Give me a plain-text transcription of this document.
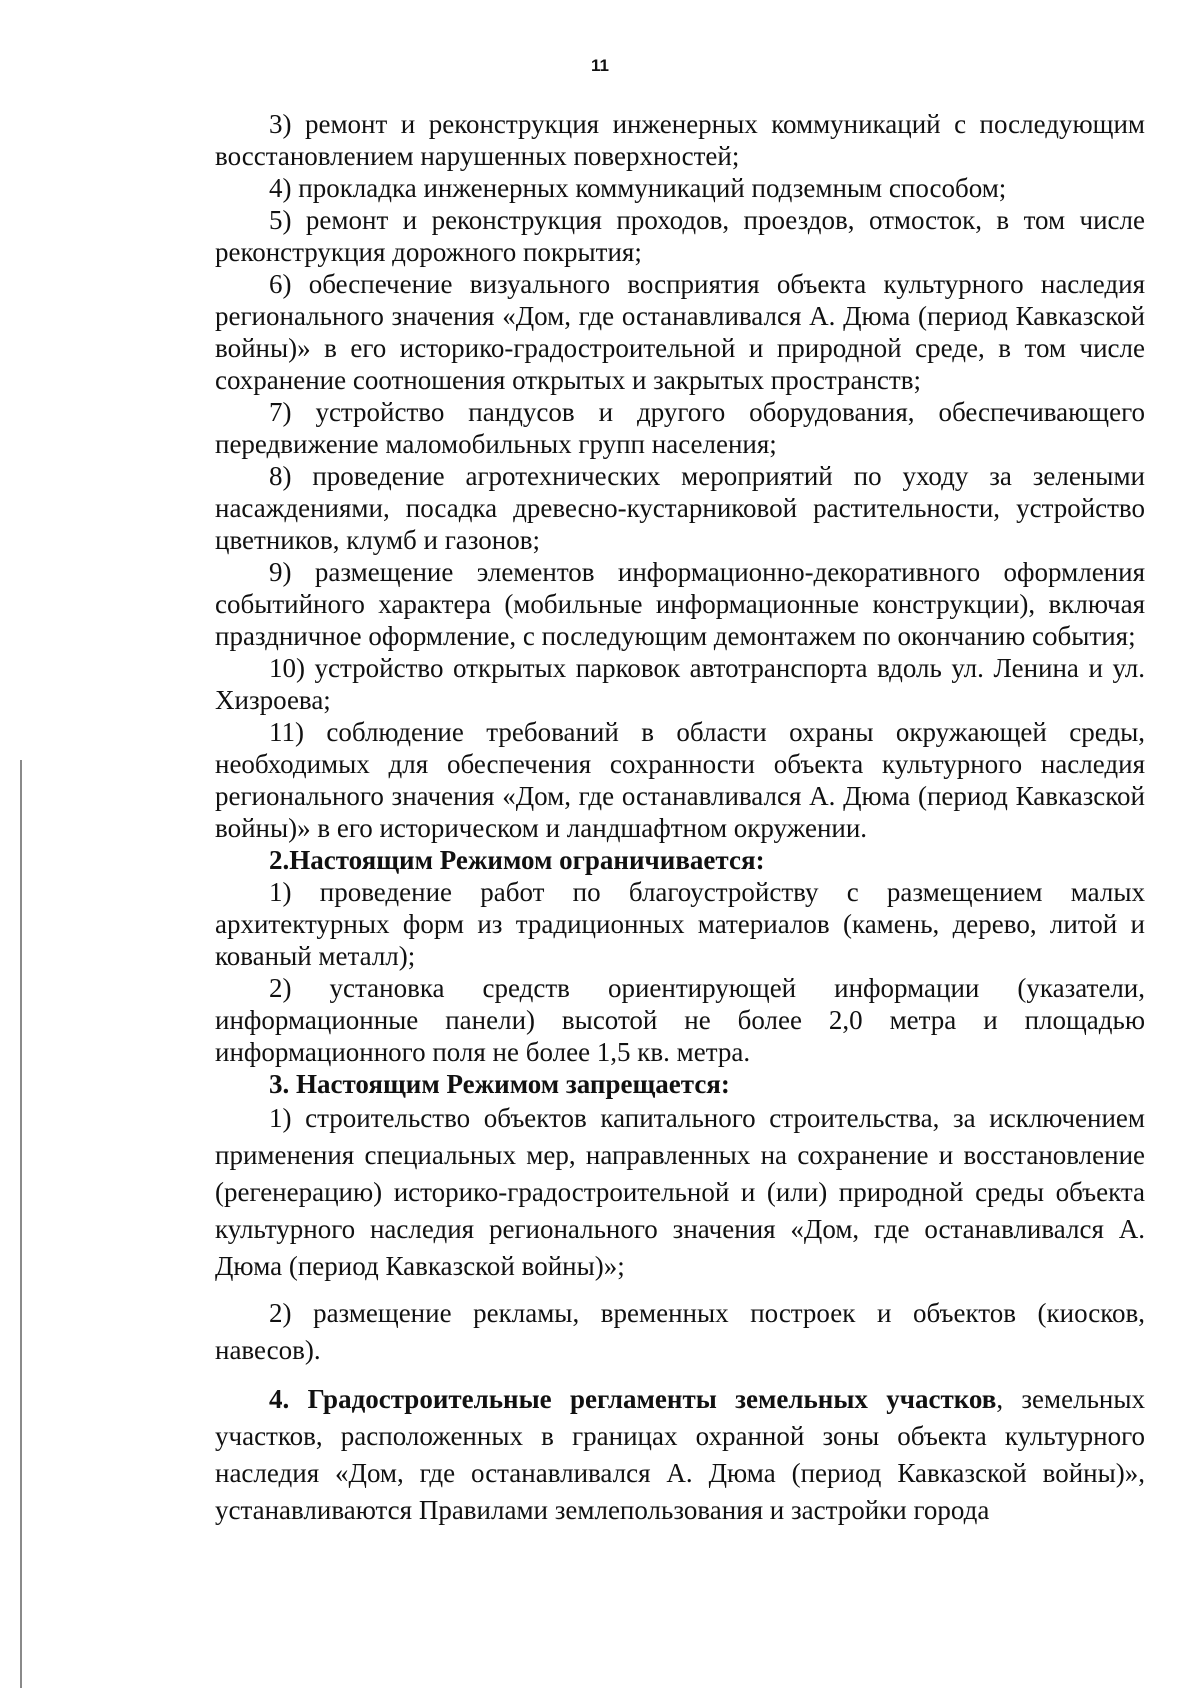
11

3) ремонт и реконструкция инженерных коммуникаций с последующим восстановлением нарушенных поверхностей;

4) прокладка инженерных коммуникаций подземным способом;

5) ремонт и реконструкция проходов, проездов, отмосток, в том числе реконструкция дорожного покрытия;

6) обеспечение визуального восприятия объекта культурного наследия регионального значения «Дом, где останавливался А. Дюма (период Кавказской войны)» в его историко-градостроительной и природной среде, в том числе сохранение соотношения открытых и закрытых пространств;

7) устройство пандусов и другого оборудования, обеспечивающего передвижение маломобильных групп населения;

8) проведение агротехнических мероприятий по уходу за зелеными насаждениями, посадка древесно-кустарниковой растительности, устройство цветников, клумб и газонов;

9) размещение элементов информационно-декоративного оформления событийного характера (мобильные информационные конструкции), включая праздничное оформление, с последующим демонтажем по окончанию события;

10) устройство открытых парковок автотранспорта вдоль ул. Ленина и ул. Хизроева;

11) соблюдение требований в области охраны окружающей среды, необходимых для обеспечения сохранности объекта культурного наследия регионального значения «Дом, где останавливался А. Дюма (период Кавказской войны)» в его историческом и ландшафтном окружении.

2.Настоящим Режимом ограничивается:

1) проведение работ по благоустройству с размещением малых архитектурных форм из традиционных материалов (камень, дерево, литой и кованый металл);

2) установка средств ориентирующей информации (указатели, информационные панели) высотой не более 2,0 метра и площадью информационного поля не более 1,5 кв. метра.

3. Настоящим Режимом запрещается:

1) строительство объектов капитального строительства, за исключением применения специальных мер, направленных на сохранение и восстановление (регенерацию) историко-градостроительной и (или) природной среды объекта культурного наследия регионального значения «Дом, где останавливался А. Дюма (период Кавказской войны)»;

2) размещение рекламы, временных построек и объектов (киосков, навесов).

4. Градостроительные регламенты земельных участков, земельных участков, расположенных в границах охранной зоны объекта культурного наследия «Дом, где останавливался А. Дюма (период Кавказской войны)», устанавливаются Правилами землепользования и застройки города
